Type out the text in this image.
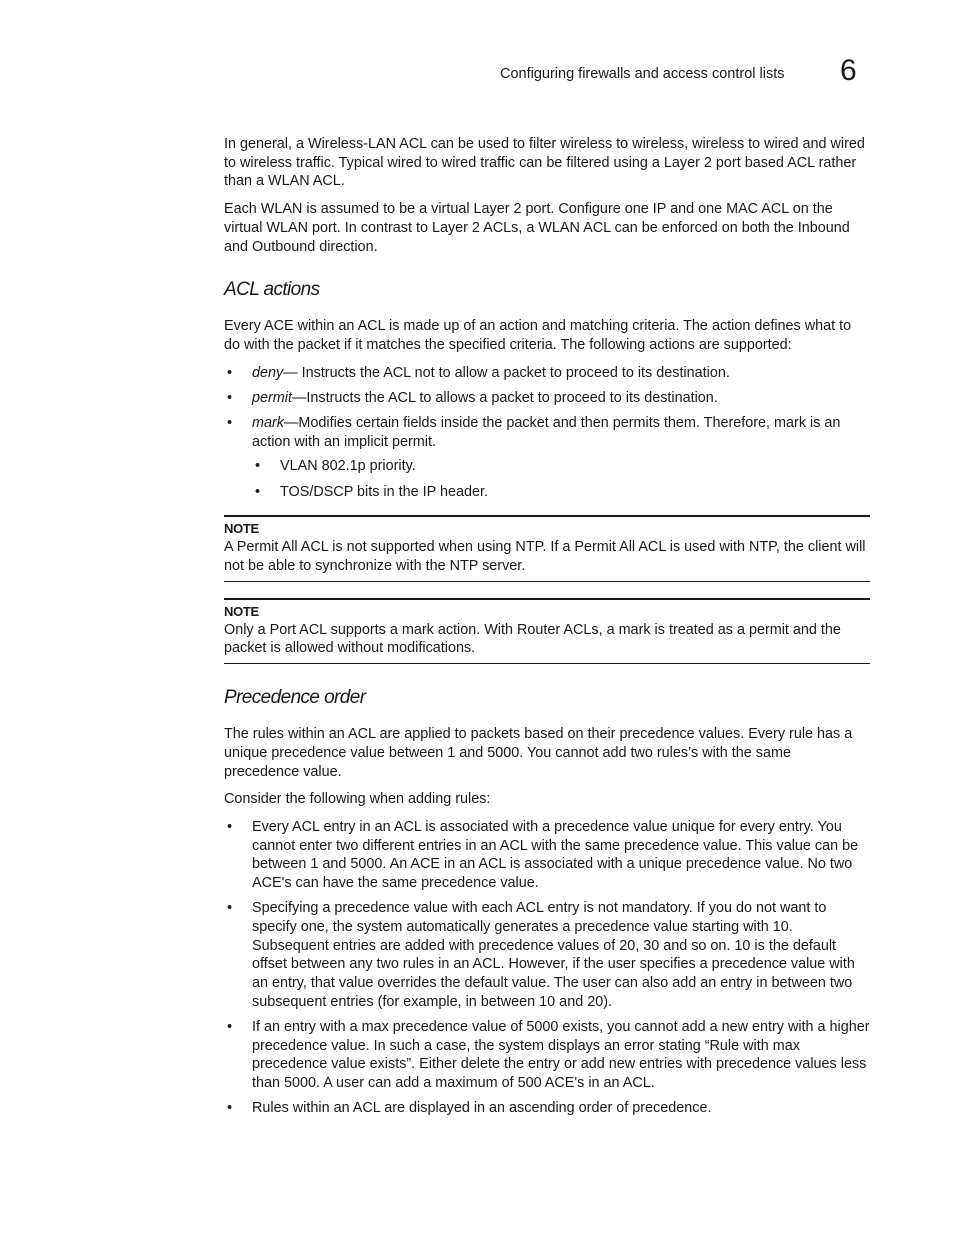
Configuring firewalls and access control lists 6

In general, a Wireless-LAN ACL can be used to filter wireless to wireless, wireless to wired and wired to wireless traffic. Typical wired to wired traffic can be filtered using a Layer 2 port based ACL rather than a WLAN ACL.

Each WLAN is assumed to be a virtual Layer 2 port. Configure one IP and one MAC ACL on the virtual WLAN port. In contrast to Layer 2 ACLs, a WLAN ACL can be enforced on both the Inbound and Outbound direction.

ACL actions

Every ACE within an ACL is made up of an action and matching criteria. The action defines what to do with the packet if it matches the specified criteria. The following actions are supported:

• deny— Instructs the ACL not to allow a packet to proceed to its destination.
• permit—Instructs the ACL to allows a packet to proceed to its destination.
• mark—Modifies certain fields inside the packet and then permits them. Therefore, mark is an action with an implicit permit.
• VLAN 802.1p priority.
• TOS/DSCP bits in the IP header.
NOTE

A Permit All ACL is not supported when using NTP. If a Permit All ACL is used with NTP, the client will not be able to synchronize with the NTP server.

NOTE

Only a Port ACL supports a mark action. With Router ACLs, a mark is treated as a permit and the packet is allowed without modifications.

Precedence order

The rules within an ACL are applied to packets based on their precedence values. Every rule has a unique precedence value between 1 and 5000. You cannot add two rules’s with the same precedence value.

Consider the following when adding rules:

• Every ACL entry in an ACL is associated with a precedence value unique for every entry. You cannot enter two different entries in an ACL with the same precedence value. This value can be between 1 and 5000. An ACE in an ACL is associated with a unique precedence value. No two ACE's can have the same precedence value.
• Specifying a precedence value with each ACL entry is not mandatory. If you do not want to specify one, the system automatically generates a precedence value starting with 10. Subsequent entries are added with precedence values of 20, 30 and so on. 10 is the default offset between any two rules in an ACL. However, if the user specifies a precedence value with an entry, that value overrides the default value. The user can also add an entry in between two subsequent entries (for example, in between 10 and 20).
• If an entry with a max precedence value of 5000 exists, you cannot add a new entry with a higher precedence value. In such a case, the system displays an error stating “Rule with max precedence value exists”. Either delete the entry or add new entries with precedence values less than 5000. A user can add a maximum of 500 ACE's in an ACL.
• Rules within an ACL are displayed in an ascending order of precedence.
